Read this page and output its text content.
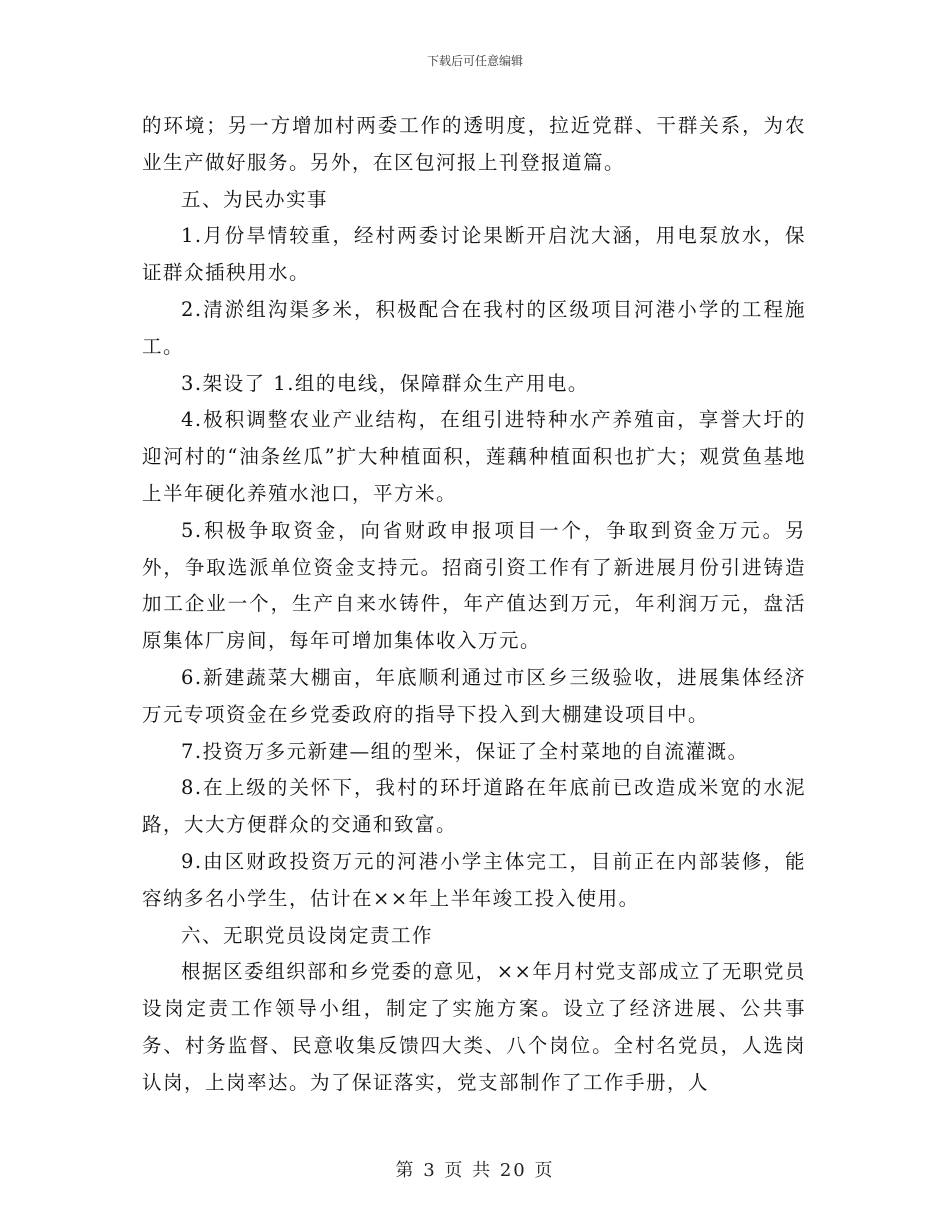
下载后可任意编辑

的环境；另一方增加村两委工作的透明度，拉近党群、干群关系，为农业生产做好服务。另外，在区包河报上刊登报道篇。

五、为民办实事

1.月份旱情较重，经村两委讨论果断开启沈大涵，用电泵放水，保证群众插秧用水。

2.清淤组沟渠多米，积极配合在我村的区级项目河港小学的工程施工。

3.架设了 1.组的电线，保障群众生产用电。

4.极积调整农业产业结构，在组引进特种水产养殖亩，享誉大圩的迎河村的“油条丝瓜”扩大种植面积，莲藕种植面积也扩大；观赏鱼基地上半年硬化养殖水池口，平方米。

5.积极争取资金，向省财政申报项目一个，争取到资金万元。另外，争取选派单位资金支持元。招商引资工作有了新进展月份引进铸造加工企业一个，生产自来水铸件，年产值达到万元，年利润万元，盘活原集体厂房间，每年可增加集体收入万元。

6.新建蔬菜大棚亩，年底顺利通过市区乡三级验收，进展集体经济万元专项资金在乡党委政府的指导下投入到大棚建设项目中。

7.投资万多元新建—组的型米，保证了全村菜地的自流灌溉。

8.在上级的关怀下，我村的环圩道路在年底前已改造成米宽的水泥路，大大方便群众的交通和致富。

9.由区财政投资万元的河港小学主体完工，目前正在内部装修，能容纳多名小学生，估计在××年上半年竣工投入使用。

六、无职党员设岗定责工作

根据区委组织部和乡党委的意见，××年月村党支部成立了无职党员设岗定责工作领导小组，制定了实施方案。设立了经济进展、公共事务、村务监督、民意收集反馈四大类、八个岗位。全村名党员，人选岗认岗，上岗率达。为了保证落实，党支部制作了工作手册，人

第 3 页 共 20 页
